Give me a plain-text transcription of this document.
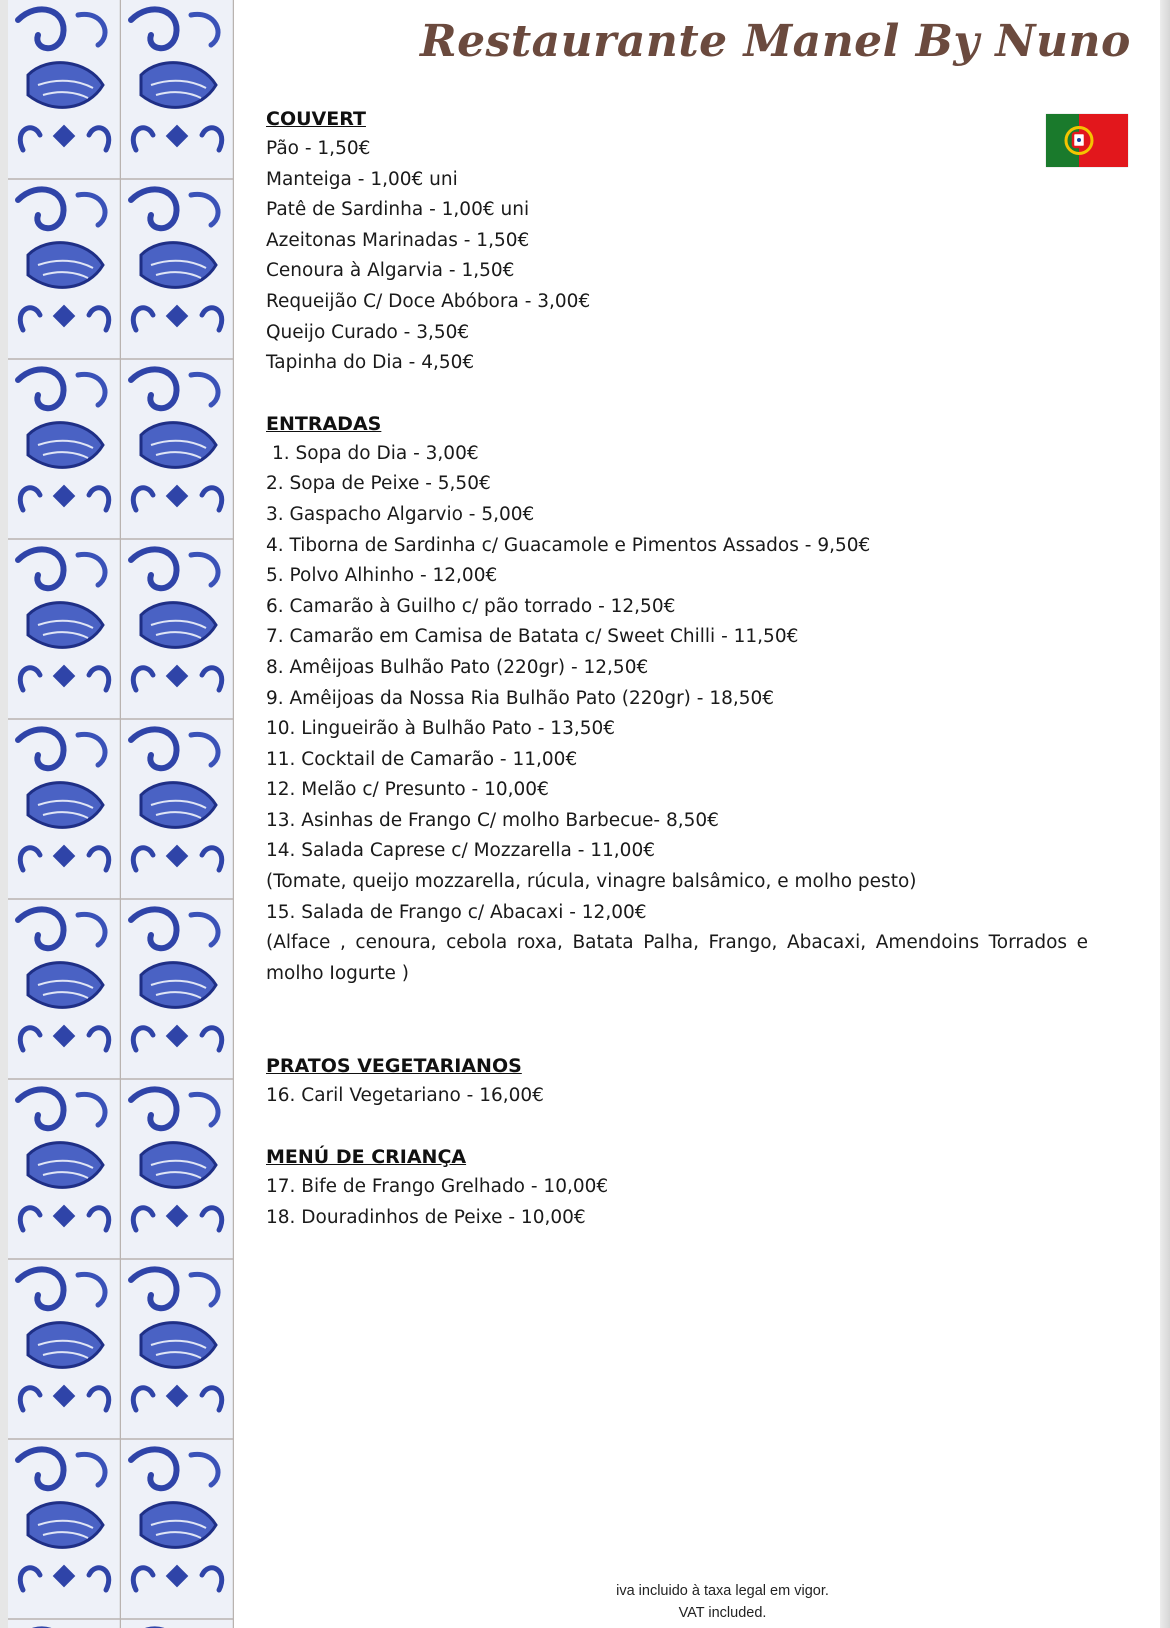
Restaurante Manel By Nuno
COUVERT
Pão - 1,50€
Manteiga - 1,00€ uni
Patê de Sardinha - 1,00€ uni
Azeitonas Marinadas - 1,50€
Cenoura à Algarvia - 1,50€
Requeijão C/ Doce Abóbora - 3,00€
Queijo Curado - 3,50€
Tapinha do Dia - 4,50€
ENTRADAS
1. Sopa do Dia - 3,00€
2. Sopa de Peixe - 5,50€
3. Gaspacho Algarvio - 5,00€
4. Tiborna de Sardinha c/ Guacamole e Pimentos Assados - 9,50€
5. Polvo Alhinho - 12,00€
6. Camarão à Guilho c/ pão torrado - 12,50€
7. Camarão em Camisa de Batata c/ Sweet Chilli - 11,50€
8. Amêijoas Bulhão Pato (220gr) - 12,50€
9. Amêijoas da Nossa Ria Bulhão Pato (220gr) - 18,50€
10. Lingueirão à Bulhão Pato - 13,50€
11. Cocktail de Camarão - 11,00€
12. Melão c/ Presunto - 10,00€
13. Asinhas de Frango C/ molho Barbecue- 8,50€
14. Salada Caprese c/ Mozzarella - 11,00€
(Tomate, queijo mozzarella, rúcula, vinagre balsâmico, e molho pesto)
15. Salada de Frango c/ Abacaxi - 12,00€
(Alface , cenoura, cebola roxa, Batata Palha, Frango, Abacaxi, Amendoins Torrados e molho Iogurte )
PRATOS VEGETARIANOS
16. Caril Vegetariano - 16,00€
MENÚ DE CRIANÇA
17. Bife de Frango Grelhado - 10,00€
18. Douradinhos de Peixe - 10,00€
iva incluido à taxa legal em vigor.
VAT included.
